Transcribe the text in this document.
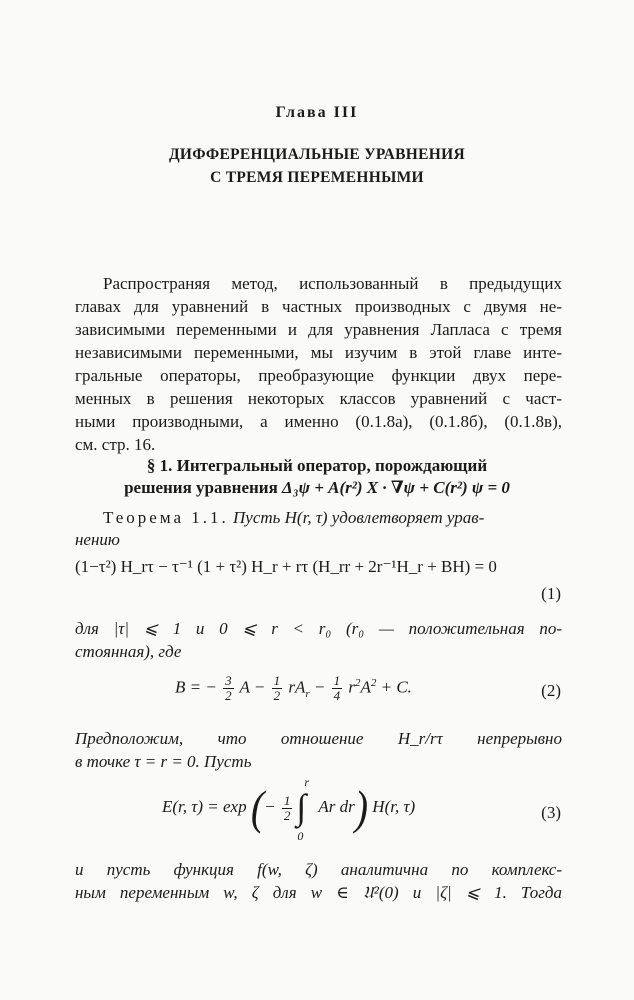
Глава III
ДИФФЕРЕНЦИАЛЬНЫЕ УРАВНЕНИЯ
С ТРЕМЯ ПЕРЕМЕННЫМИ
Распространяя метод, использованный в предыдущих
главах для уравнений в частных производных с двумя не-
зависимыми переменными и для уравнения Лапласа с тремя
независимыми переменными, мы изучим в этой главе инте-
гральные операторы, преобразующие функции двух пере-
менных в решения некоторых классов уравнений с част-
ными производными, а именно (0.1.8а), (0.1.8б), (0.1.8в),
см. стр. 16.
§ 1. Интегральный оператор, порождающий
решения уравнения Δ₃ψ + A(r²) X · ∇ψ + C(r²) ψ = 0
Теорема 1.1. Пусть H(r, τ) удовлетворяет урав-
нению
(1−τ²) H_rτ − τ⁻¹ (1 + τ²) H_r + rτ (H_rr + 2r⁻¹H_r + BH) = 0
(1)
для |τ| ⩽ 1 и 0 ⩽ r < r₀ (r₀ — положительная по-
стоянная), где
B = − $\frac{3}{2}$ $A - \frac{1}{2} rA_r - \frac{1}{4} r^2A^2 + C$.	(2)
Предположим, что отношение H_r/rτ непрерывно
в точке τ = r = 0. Пусть
E(r, τ) = exp (− $\frac{1}{2}$
r
∫
0
Ar dr) H(r, τ)	(3)
и пусть функция f(w, ζ) аналитична по комплекс-
ным переменным w, ζ для w ∈ 𝔘²(0) и |ζ| ⩽ 1. Тогда
